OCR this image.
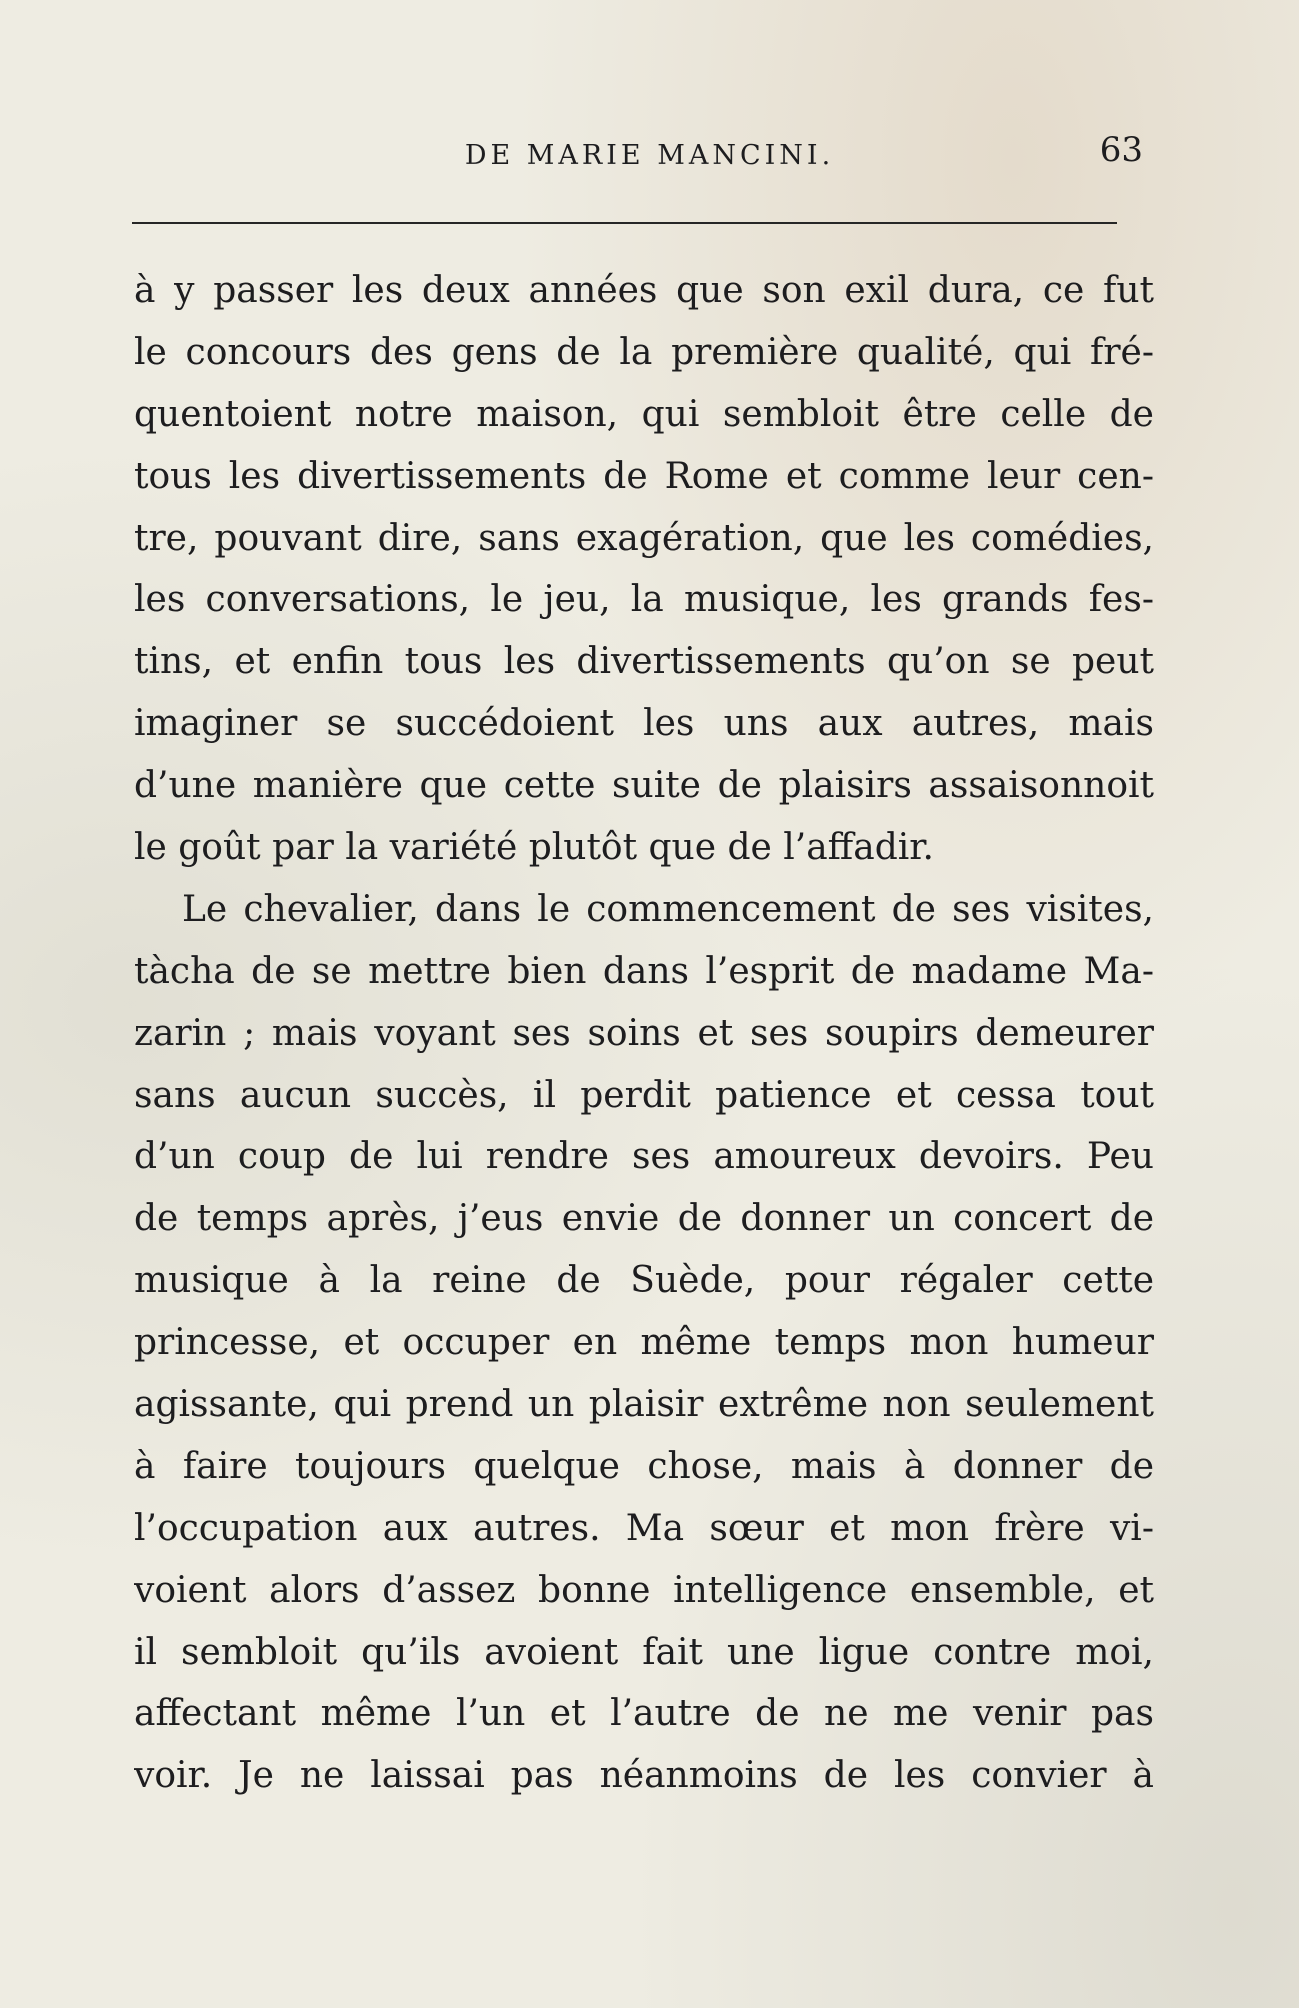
DE MARIE MANCINI.	63
à y passer les deux années que son exil dura, ce fut
le concours des gens de la première qualité, qui fré-
quentoient notre maison, qui sembloit être celle de
tous les divertissements de Rome et comme leur cen-
tre, pouvant dire, sans exagération, que les comédies,
les conversations, le jeu, la musique, les grands fes-
tins, et enfin tous les divertissements qu’on se peut
imaginer se succédoient les uns aux autres, mais
d’une manière que cette suite de plaisirs assaisonnoit
le goût par la variété plutôt que de l’affadir.
Le chevalier, dans le commencement de ses visites,
tàcha de se mettre bien dans l’esprit de madame Ma-
zarin ; mais voyant ses soins et ses soupirs demeurer
sans aucun succès, il perdit patience et cessa tout
d’un coup de lui rendre ses amoureux devoirs. Peu
de temps après, j’eus envie de donner un concert de
musique à la reine de Suède, pour régaler cette
princesse, et occuper en même temps mon humeur
agissante, qui prend un plaisir extrême non seulement
à faire toujours quelque chose, mais à donner de
l’occupation aux autres. Ma sœur et mon frère vi-
voient alors d’assez bonne intelligence ensemble, et
il sembloit qu’ils avoient fait une ligue contre moi,
affectant même l’un et l’autre de ne me venir pas
voir. Je ne laissai pas néanmoins de les convier à
